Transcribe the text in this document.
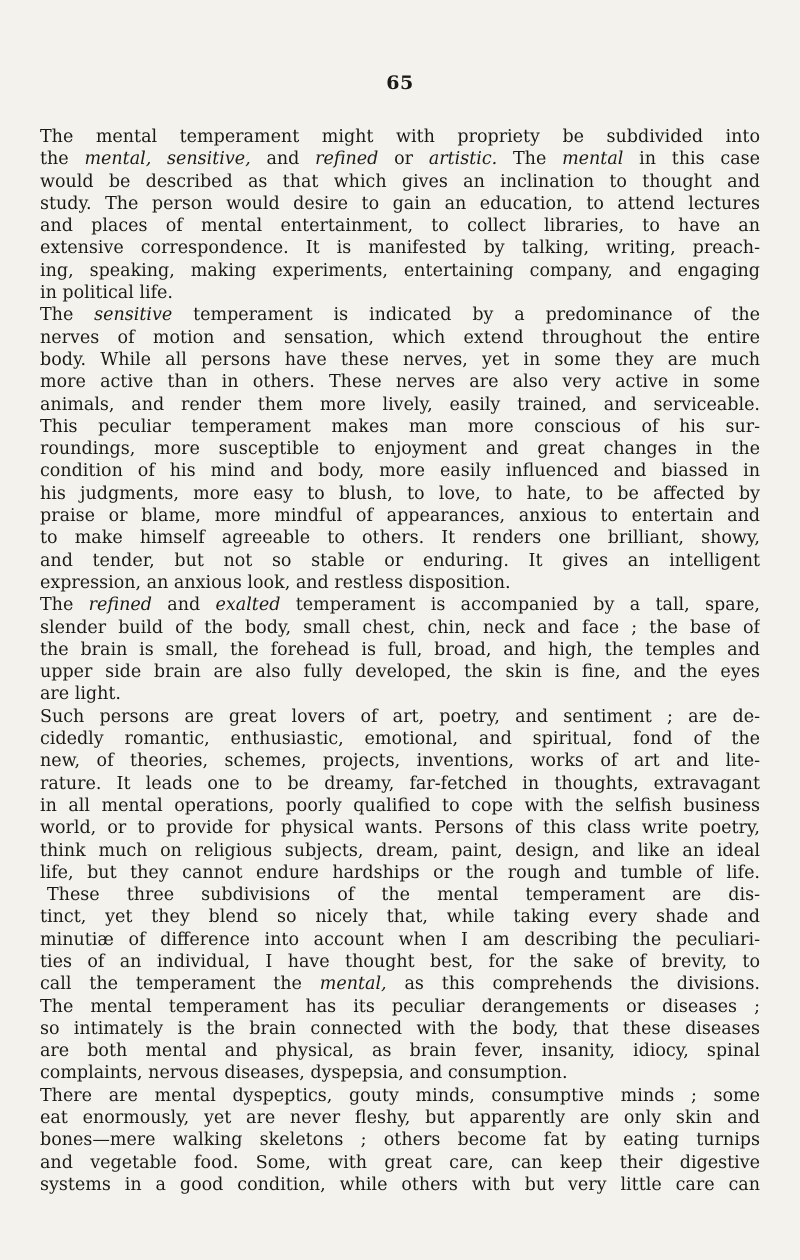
65
The mental temperament might with propriety be subdivided into
the mental, sensitive, and refined or artistic. The mental in this case
would be described as that which gives an inclination to thought and
study. The person would desire to gain an education, to attend lectures
and places of mental entertainment, to collect libraries, to have an
extensive correspondence. It is manifested by talking, writing, preach-
ing, speaking, making experiments, entertaining company, and engaging
in political life.
The sensitive temperament is indicated by a predominance of the
nerves of motion and sensation, which extend throughout the entire
body. While all persons have these nerves, yet in some they are much
more active than in others. These nerves are also very active in some
animals, and render them more lively, easily trained, and serviceable.
This peculiar temperament makes man more conscious of his sur-
roundings, more susceptible to enjoyment and great changes in the
condition of his mind and body, more easily influenced and biassed in
his judgments, more easy to blush, to love, to hate, to be affected by
praise or blame, more mindful of appearances, anxious to entertain and
to make himself agreeable to others. It renders one brilliant, showy,
and tender, but not so stable or enduring. It gives an intelligent
expression, an anxious look, and restless disposition.
The refined and exalted temperament is accompanied by a tall, spare,
slender build of the body, small chest, chin, neck and face ; the base of
the brain is small, the forehead is full, broad, and high, the temples and
upper side brain are also fully developed, the skin is fine, and the eyes
are light.
Such persons are great lovers of art, poetry, and sentiment ; are de-
cidedly romantic, enthusiastic, emotional, and spiritual, fond of the
new, of theories, schemes, projects, inventions, works of art and lite-
rature. It leads one to be dreamy, far-fetched in thoughts, extravagant
in all mental operations, poorly qualified to cope with the selfish business
world, or to provide for physical wants. Persons of this class write poetry,
think much on religious subjects, dream, paint, design, and like an ideal
life, but they cannot endure hardships or the rough and tumble of life.
These three subdivisions of the mental temperament are dis-
tinct, yet they blend so nicely that, while taking every shade and
minutiæ of difference into account when I am describing the peculiari-
ties of an individual, I have thought best, for the sake of brevity, to
call the temperament the mental, as this comprehends the divisions.
The mental temperament has its peculiar derangements or diseases ;
so intimately is the brain connected with the body, that these diseases
are both mental and physical, as brain fever, insanity, idiocy, spinal
complaints, nervous diseases, dyspepsia, and consumption.
There are mental dyspeptics, gouty minds, consumptive minds ; some
eat enormously, yet are never fleshy, but apparently are only skin and
bones—mere walking skeletons ; others become fat by eating turnips
and vegetable food. Some, with great care, can keep their digestive
systems in a good condition, while others with but very little care can
